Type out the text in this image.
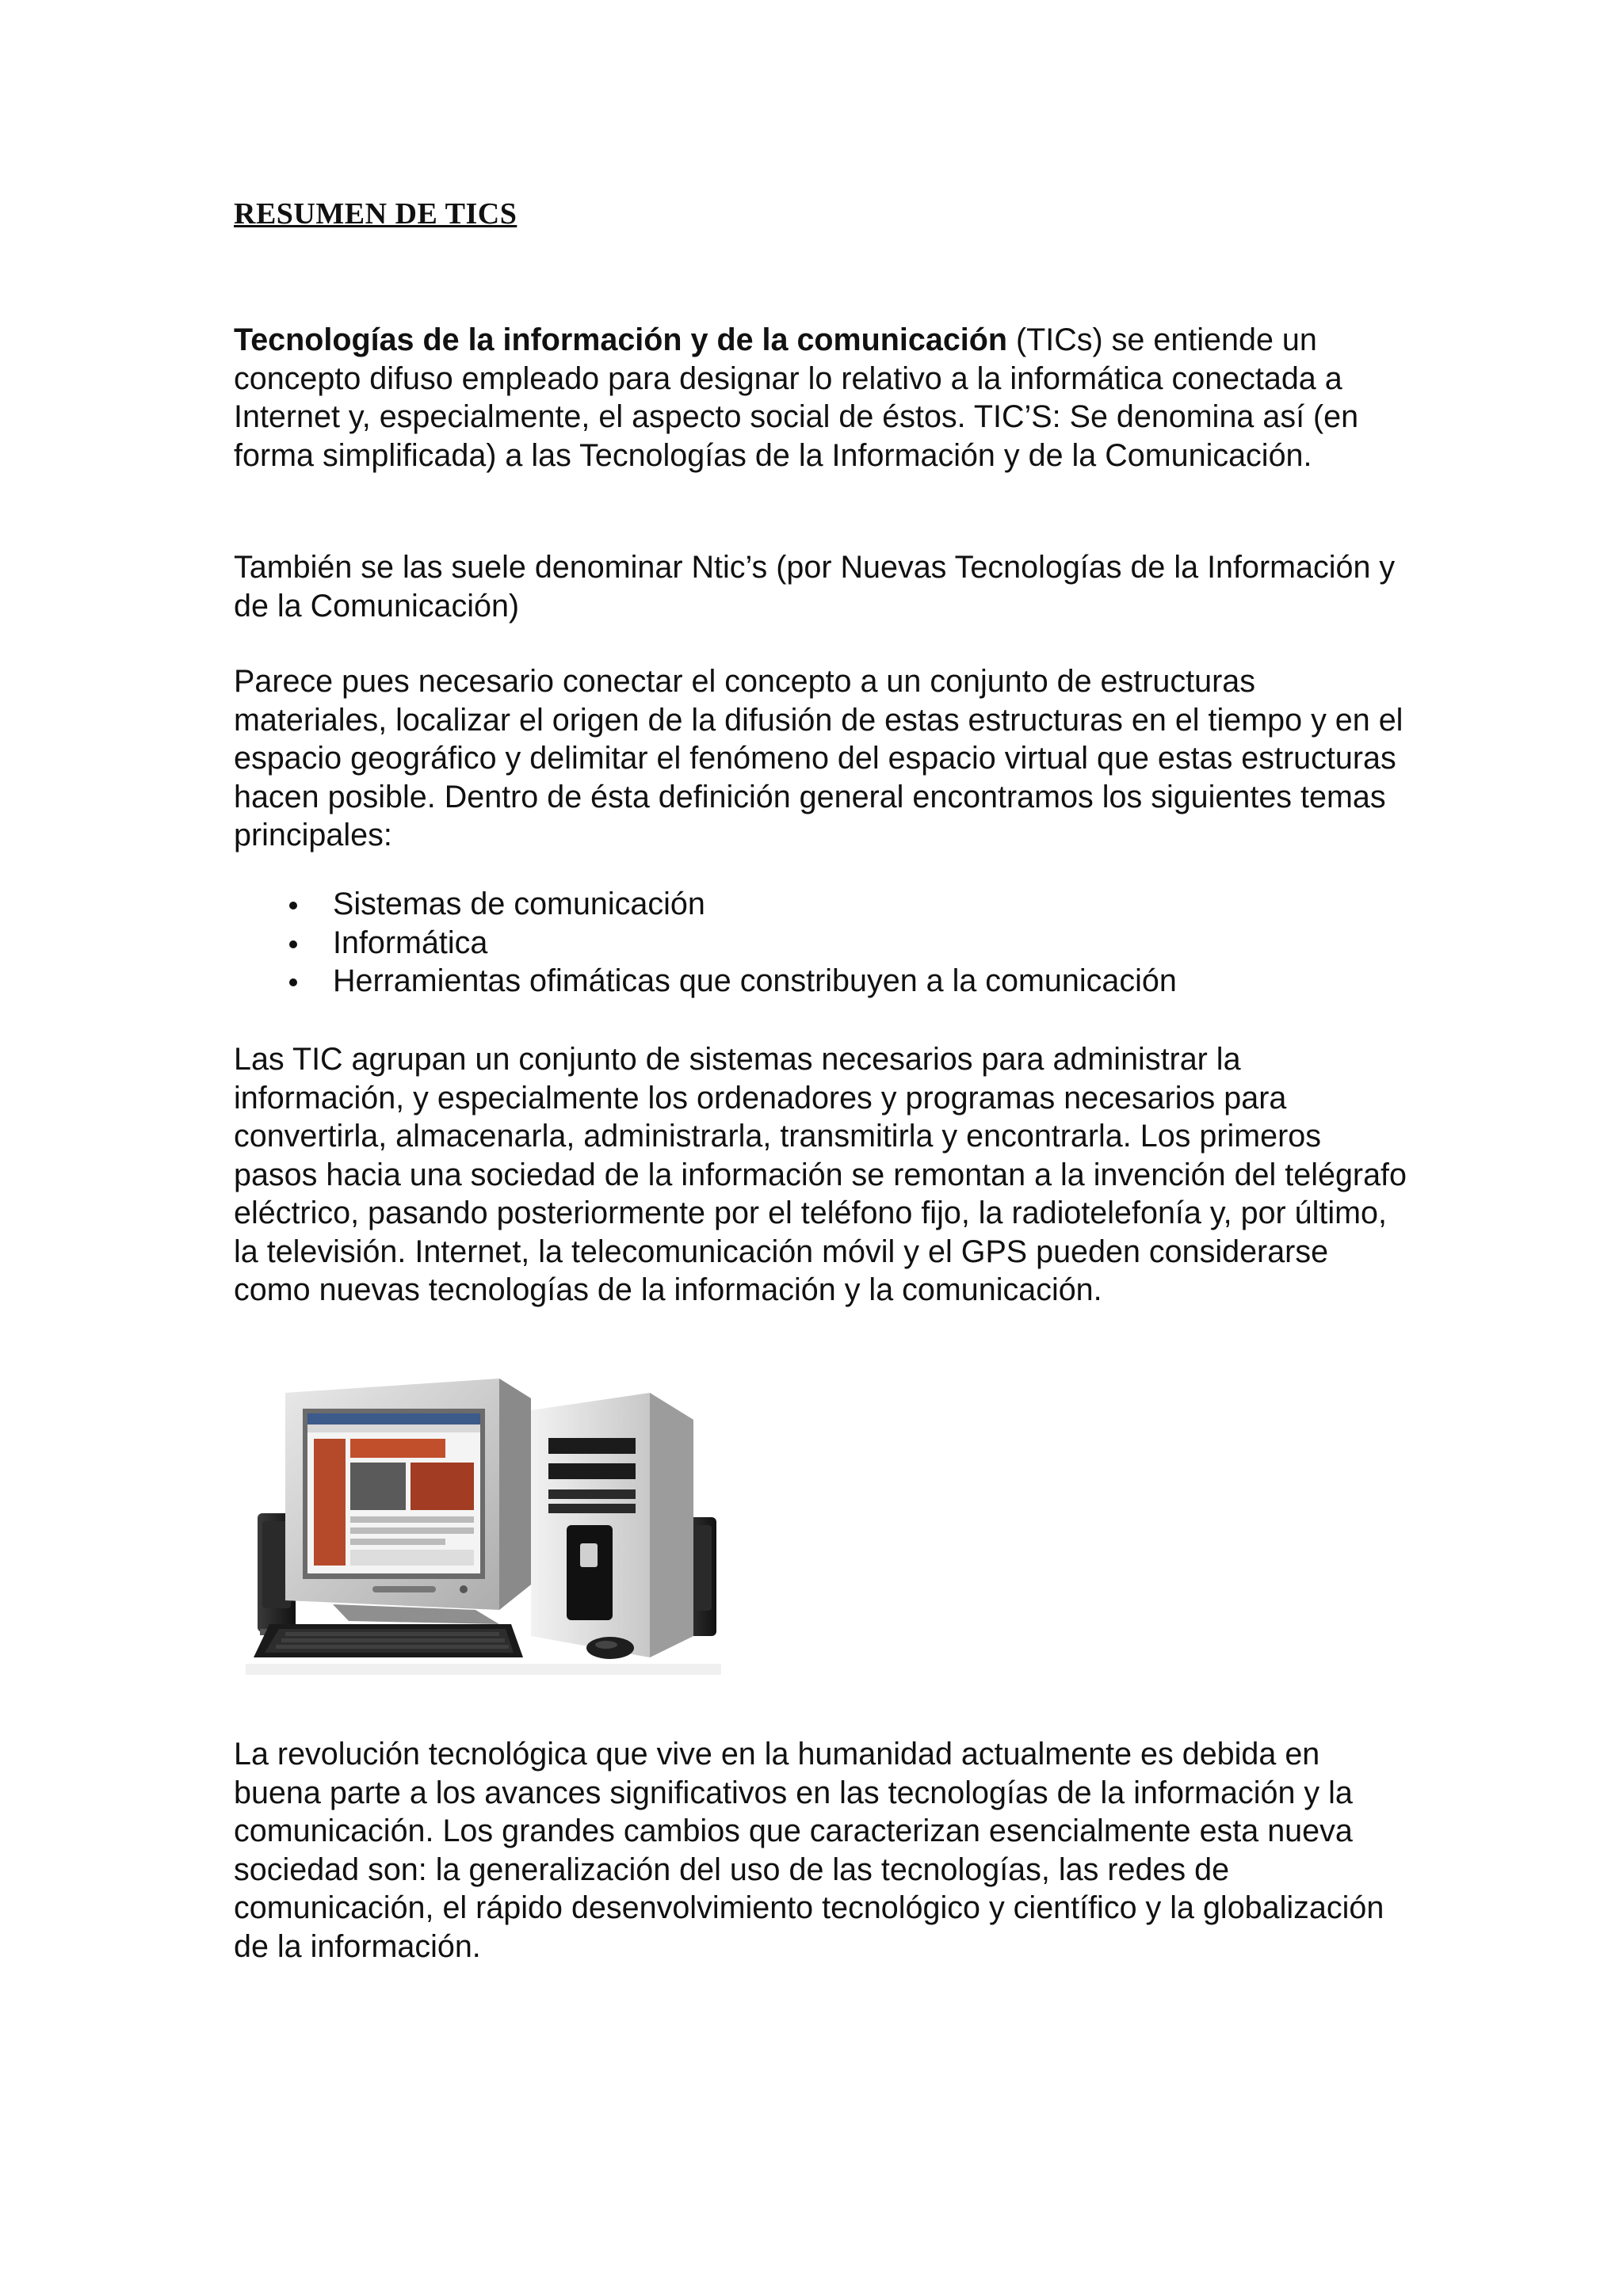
RESUMEN DE TICS

Tecnologías de la información y de la comunicación (TICs) se entiende un concepto difuso empleado para designar lo relativo a la informática conectada a Internet y, especialmente, el aspecto social de éstos. TIC’S: Se denomina así (en forma simplificada) a las Tecnologías de la Información y de la Comunicación.

También se las suele denominar Ntic’s (por Nuevas Tecnologías de la Información y de la Comunicación)

Parece pues necesario conectar el concepto a un conjunto de estructuras materiales, localizar el origen de la difusión de estas estructuras en el tiempo y en el espacio geográfico y delimitar el fenómeno del espacio virtual que estas estructuras hacen posible. Dentro de ésta definición general encontramos los siguientes temas principales:

Sistemas de comunicación
Informática
Herramientas ofimáticas que constribuyen a la comunicación

Las TIC agrupan un conjunto de sistemas necesarios para administrar la información, y especialmente los ordenadores y programas necesarios para convertirla, almacenarla, administrarla, transmitirla y encontrarla. Los primeros pasos hacia una sociedad de la información se remontan a la invención del telégrafo eléctrico, pasando posteriormente por el teléfono fijo, la radiotelefonía y, por último, la televisión. Internet, la telecomunicación móvil y el GPS pueden considerarse como nuevas tecnologías de la información y la comunicación.

La revolución tecnológica que vive en la humanidad actualmente es debida en buena parte a los avances significativos en las tecnologías de la información y la comunicación. Los grandes cambios que caracterizan esencialmente esta nueva sociedad son: la generalización del uso de las tecnologías, las redes de comunicación, el rápido desenvolvimiento tecnológico y científico y la globalización de la información.
